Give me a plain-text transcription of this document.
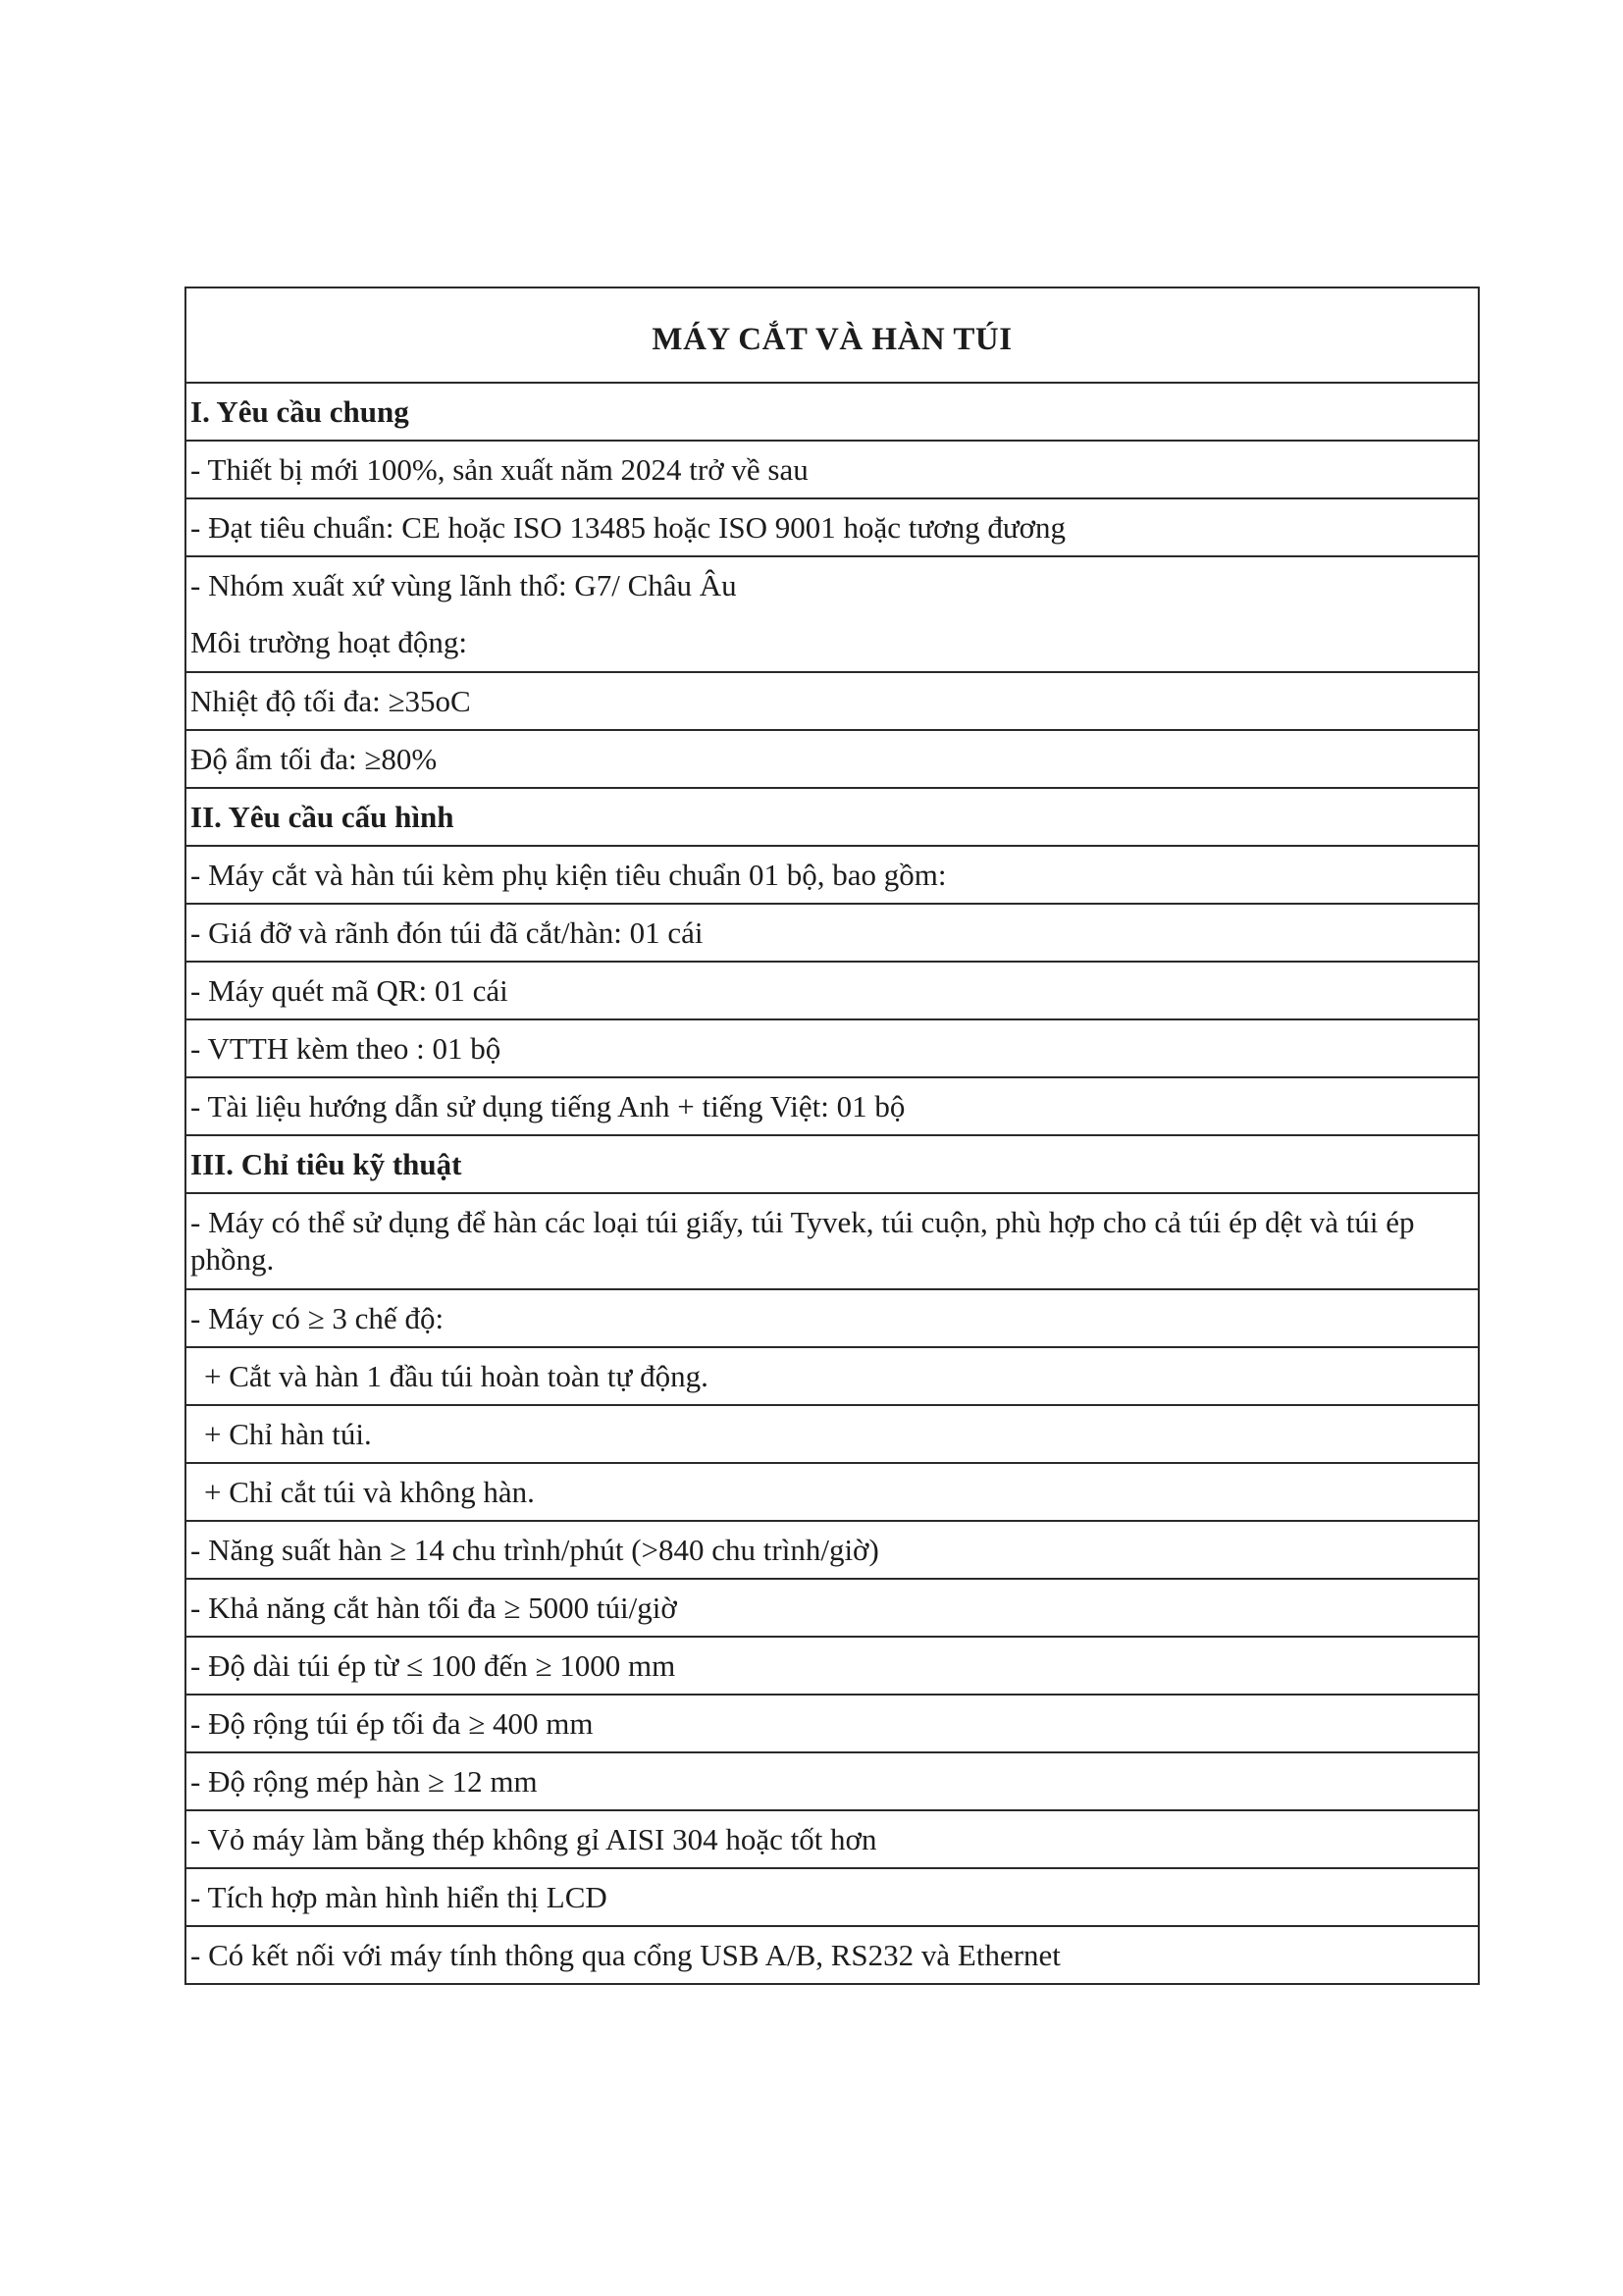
MÁY CẮT VÀ HÀN TÚI
I. Yêu cầu chung
- Thiết bị mới 100%, sản xuất năm 2024 trở về sau
- Đạt tiêu chuẩn: CE hoặc ISO 13485 hoặc ISO 9001 hoặc tương đương
- Nhóm xuất xứ vùng lãnh thổ: G7/ Châu Âu
Môi trường hoạt động:
Nhiệt độ tối đa: ≥35oC
Độ ẩm tối đa: ≥80%
II. Yêu cầu cấu hình
- Máy cắt và hàn túi kèm phụ kiện tiêu chuẩn 01 bộ, bao gồm:
- Giá đỡ và rãnh đón túi đã cắt/hàn: 01 cái
- Máy quét mã QR: 01 cái
- VTTH kèm theo : 01 bộ
- Tài liệu hướng dẫn sử dụng tiếng Anh + tiếng Việt: 01 bộ
III. Chỉ tiêu kỹ thuật
- Máy có thể sử dụng để hàn các loại túi giấy, túi Tyvek, túi cuộn, phù hợp cho cả túi ép dệt và túi ép phồng.
- Máy có ≥ 3 chế độ:
+ Cắt và hàn 1 đầu túi hoàn toàn tự động.
+ Chỉ hàn túi.
+ Chỉ cắt túi và không hàn.
- Năng suất hàn ≥ 14 chu trình/phút (>840 chu trình/giờ)
- Khả năng cắt hàn tối đa ≥ 5000 túi/giờ
- Độ dài túi ép từ ≤ 100 đến ≥ 1000 mm
- Độ rộng túi ép tối đa ≥ 400 mm
- Độ rộng mép hàn ≥ 12 mm
- Vỏ máy làm bằng thép không gỉ AISI 304 hoặc tốt hơn
- Tích hợp màn hình hiển thị LCD
- Có kết nối với máy tính thông qua cổng USB A/B, RS232 và Ethernet
